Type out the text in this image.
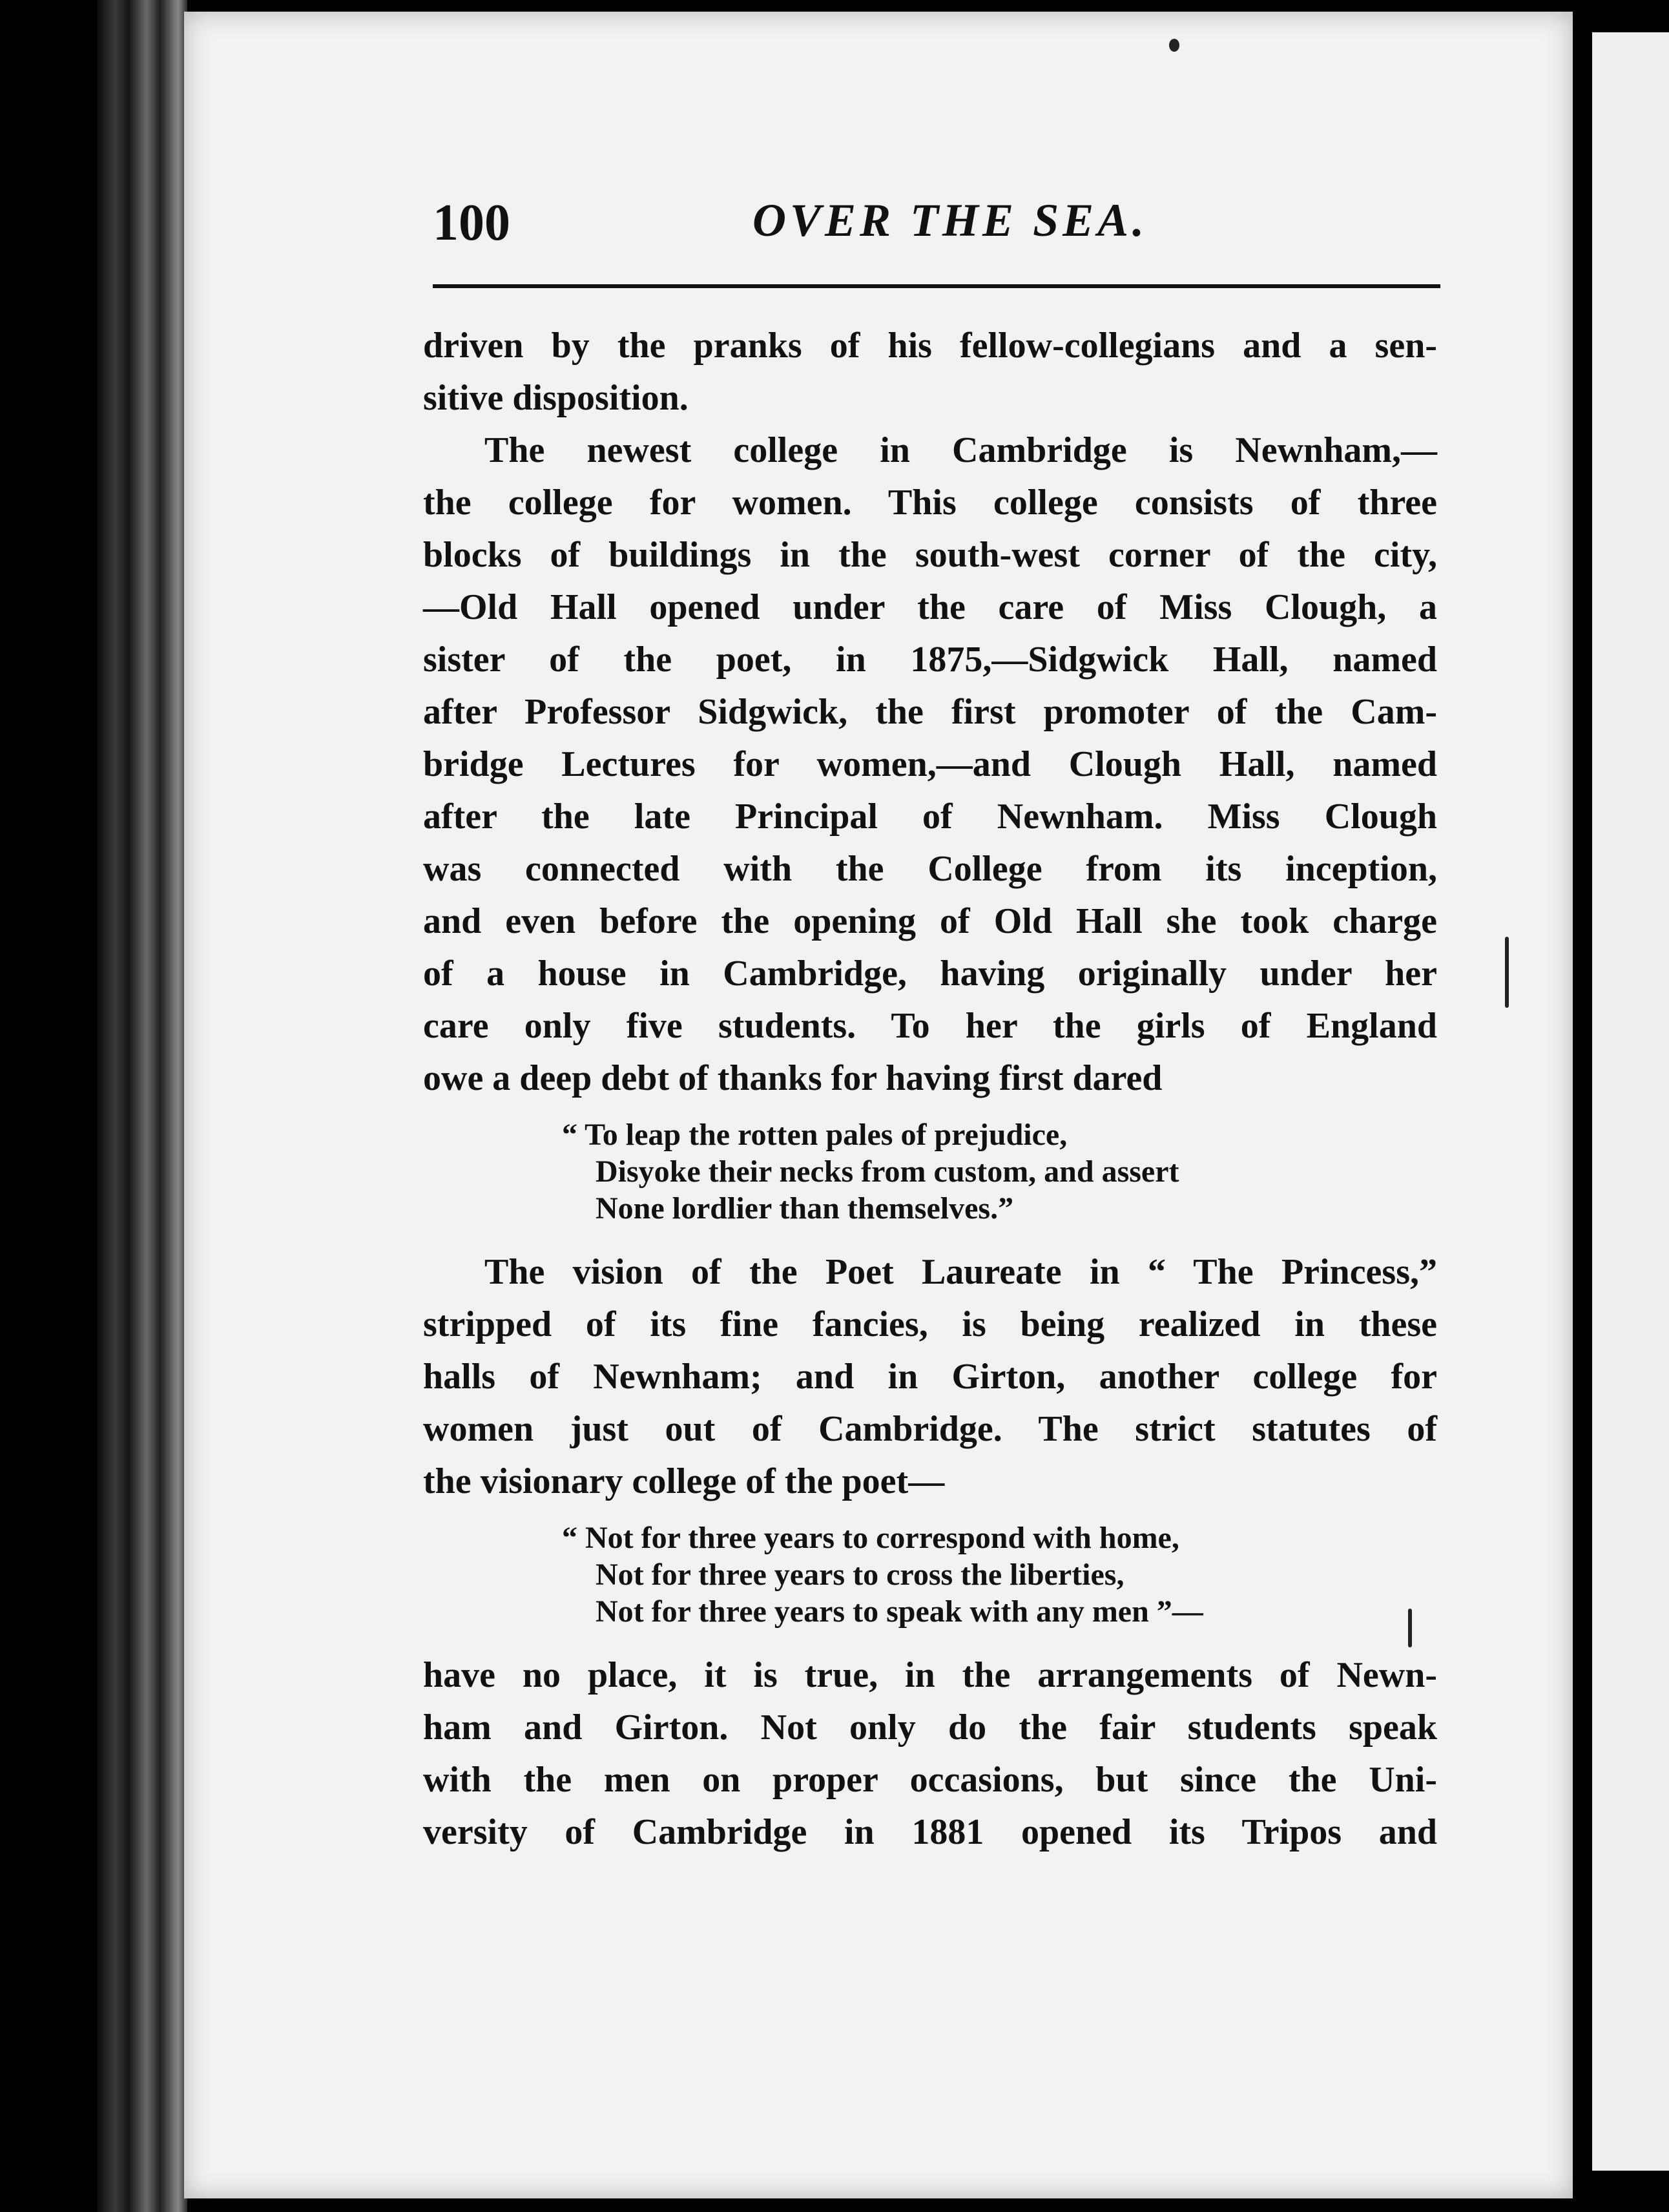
100	OVER THE SEA.
driven by the pranks of his fellow-collegians and a sen-
sitive disposition.
The newest college in Cambridge is Newnham,—
the college for women. This college consists of three
blocks of buildings in the south-west corner of the city,
—Old Hall opened under the care of Miss Clough, a
sister of the poet, in 1875,—Sidgwick Hall, named
after Professor Sidgwick, the first promoter of the Cam-
bridge Lectures for women,—and Clough Hall, named
after the late Principal of Newnham. Miss Clough
was connected with the College from its inception,
and even before the opening of Old Hall she took charge
of a house in Cambridge, having originally under her
care only five students. To her the girls of England
owe a deep debt of thanks for having first dared
“ To leap the rotten pales of prejudice,
Disyoke their necks from custom, and assert
None lordlier than themselves.”
The vision of the Poet Laureate in “ The Princess,”
stripped of its fine fancies, is being realized in these
halls of Newnham; and in Girton, another college for
women just out of Cambridge. The strict statutes of
the visionary college of the poet—
“ Not for three years to correspond with home,
Not for three years to cross the liberties,
Not for three years to speak with any men ”—
have no place, it is true, in the arrangements of Newn-
ham and Girton. Not only do the fair students speak
with the men on proper occasions, but since the Uni-
versity of Cambridge in 1881 opened its Tripos and
